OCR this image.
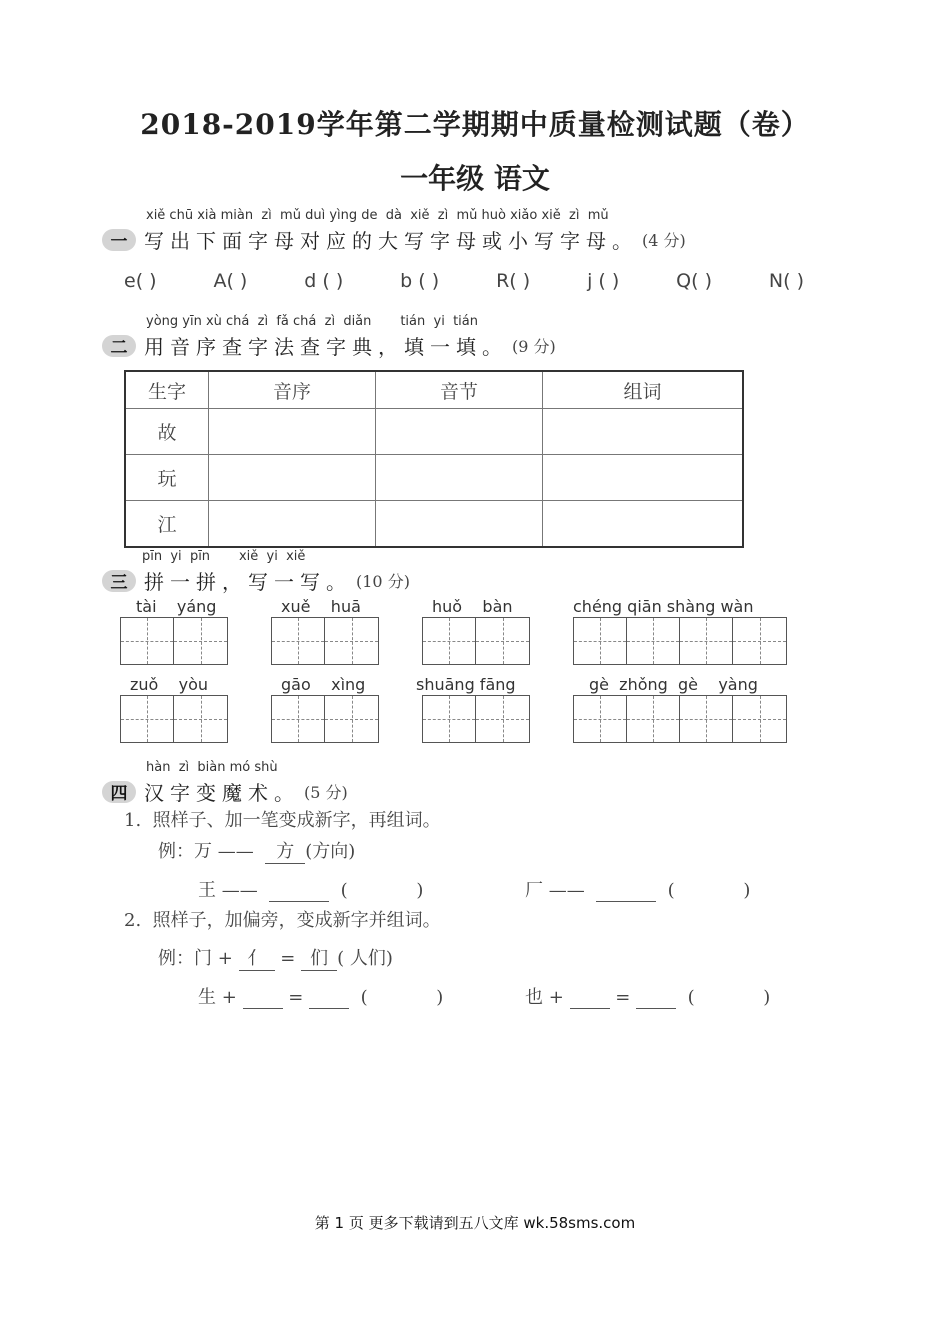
2018-2019学年第二学期期中质量检测试题（卷）
一年级 语文
xiě chū xià miàn  zì  mǔ duì yìng de  dà  xiě  zì  mǔ huò xiǎo xiě  zì  mǔ
一 写出下面字母对应的大写字母或小写字母。 (4 分)
e( )	A( )	d ( )	b ( )	R( )	j ( )	Q( )	N( )
yòng yīn xù chá  zì  fǎ chá  zì  diǎn       tián  yi  tián
二 用音序查字法查字典，填一填。 (9 分)
生字	音序	音节	组词
故			
玩			
江			
pīn  yi  pīn       xiě  yi  xiě
三 拼一拼，写一写。 (10 分)
tài    yáng	xuě    huā	huǒ    bàn	chéng qiān shàng wàn
zuǒ    yòu	gāo    xìng	shuāng fāng	gè  zhǒng  gè    yàng
hàn  zì  biàn mó shù
四 汉字变魔术。 (5 分)
1.  照样子、加一笔变成新字，再组词。
例：万 —— 方 (方向)
王 ——	(	)	厂 ——	(	)
2.  照样子，加偏旁，变成新字并组词。
例：门 + 亻 = 们 ( 人们)
生 +	=	(	)	也 +	=	(	)
第 1 页 更多下载请到五八文库 wk.58sms.com
